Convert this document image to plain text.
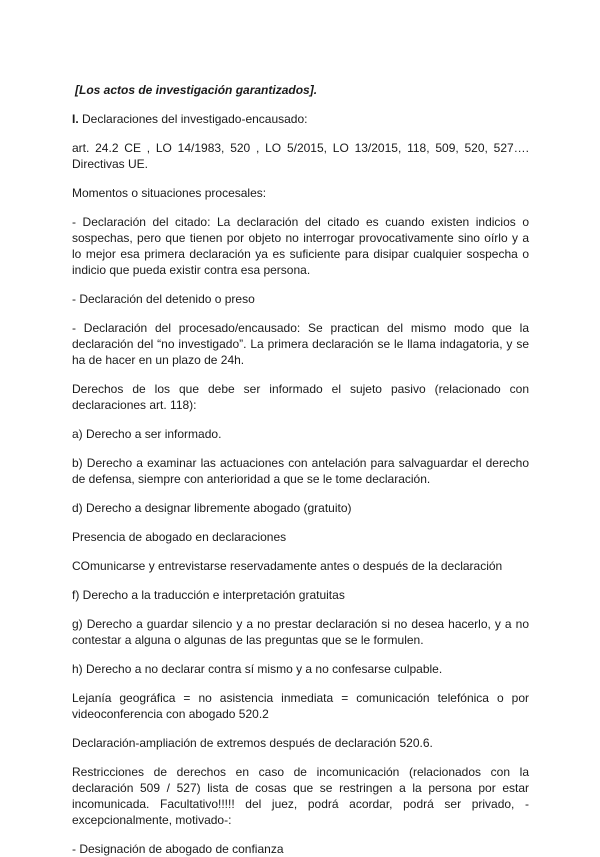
[Los actos de investigación garantizados].

I. Declaraciones del investigado-encausado:

art. 24.2 CE , LO 14/1983, 520 , LO 5/2015, LO 13/2015, 118, 509, 520, 527…. Directivas UE.

Momentos o situaciones procesales:

- Declaración del citado: La declaración del citado es cuando existen indicios o sospechas, pero que tienen por objeto no interrogar provocativamente sino oírlo y a lo mejor esa primera declaración ya es suficiente para disipar cualquier sospecha o indicio que pueda existir contra esa persona.

- Declaración del detenido o preso

- Declaración del procesado/encausado: Se practican del mismo modo que la declaración del “no investigado”. La primera declaración se le llama indagatoria, y se ha de hacer en un plazo de 24h.

Derechos de los que debe ser informado el sujeto pasivo (relacionado con declaraciones art. 118):

a) Derecho a ser informado.

b) Derecho a examinar las actuaciones con antelación para salvaguardar el derecho de defensa, siempre con anterioridad a que se le tome declaración.

d) Derecho a designar libremente abogado (gratuito)

Presencia de abogado en declaraciones

COmunicarse y entrevistarse reservadamente antes o después de la declaración

f) Derecho a la traducción e interpretación gratuitas

g) Derecho a guardar silencio y a no prestar declaración si no desea hacerlo, y a no contestar a alguna o algunas de las preguntas que se le formulen.

h) Derecho a no declarar contra sí mismo y a no confesarse culpable.

Lejanía geográfica = no asistencia inmediata = comunicación telefónica o por videoconferencia con abogado 520.2

Declaración-ampliación de extremos después de declaración 520.6.

Restricciones de derechos en caso de incomunicación (relacionados con la declaración 509 / 527) lista de cosas que se restringen a la persona por estar incomunicada. Facultativo!!!!! del juez, podrá acordar, podrá ser privado, - excepcionalmente, motivado-:

- Designación de abogado de confianza
